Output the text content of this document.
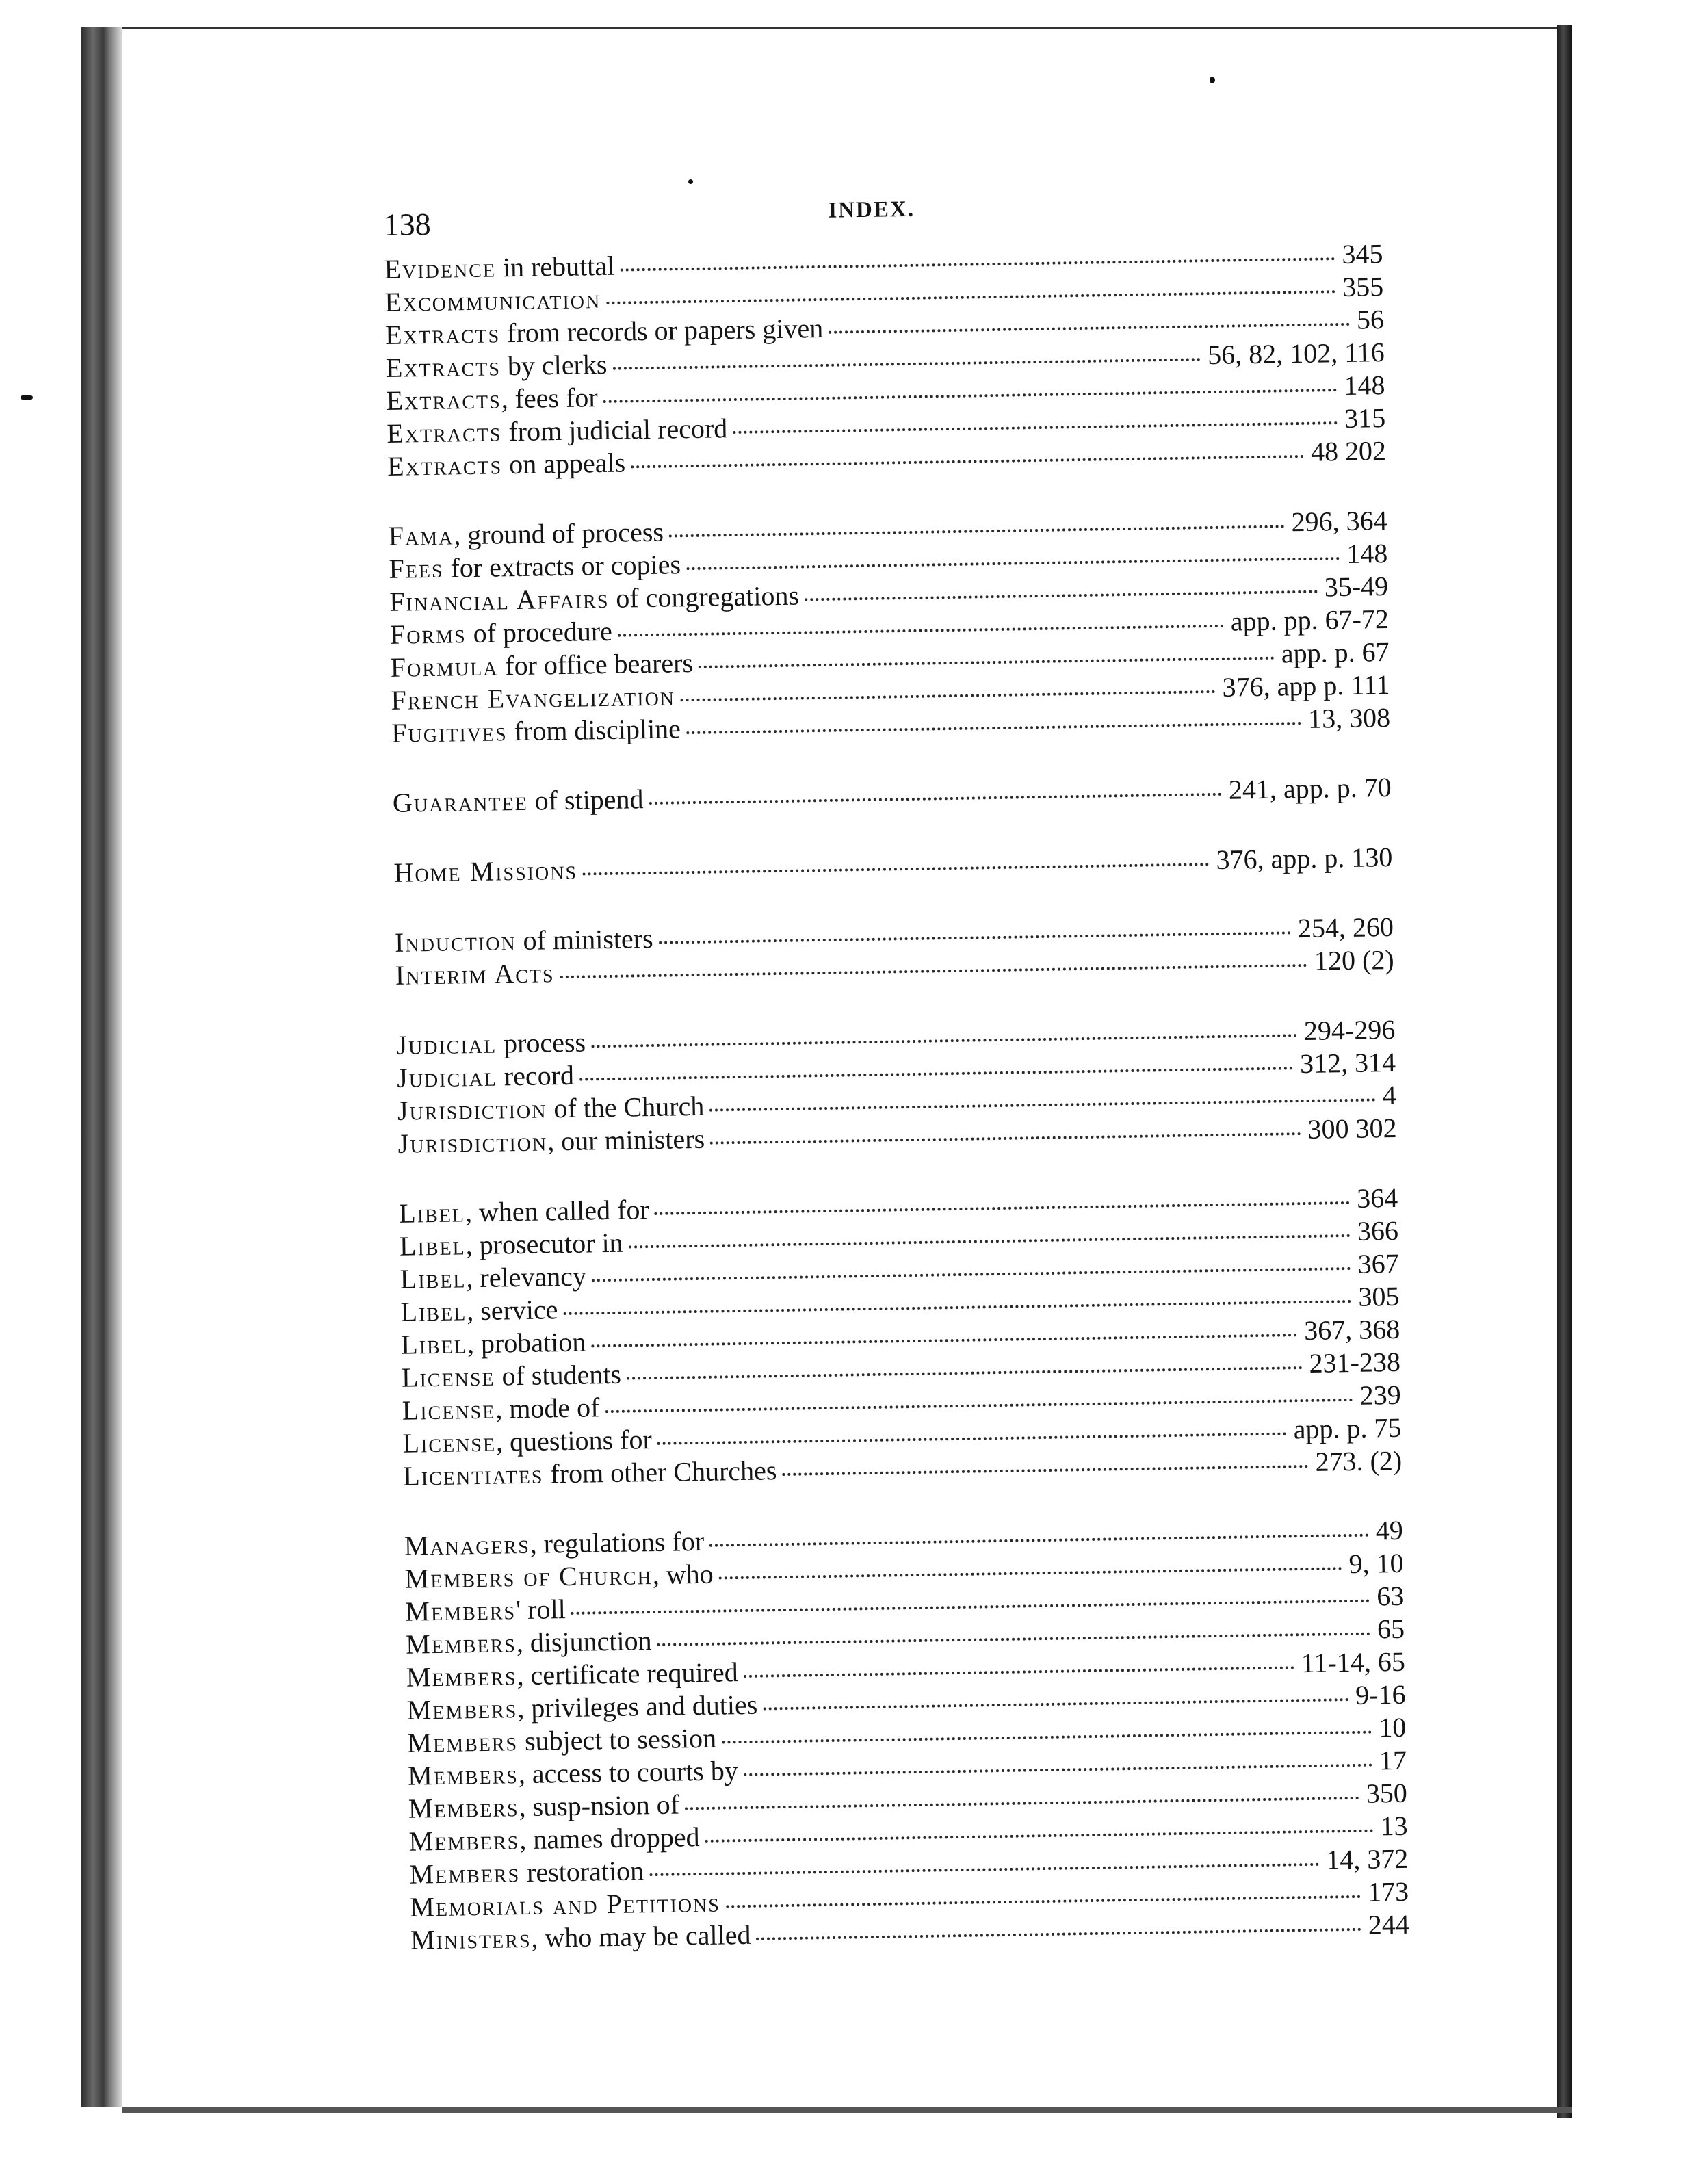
138	INDEX.
Evidence in rebuttal	345
Excommunication	355
Extracts from records or papers given	56
Extracts by clerks	56, 82, 102, 116
Extracts, fees for	148
Extracts from judicial record	315
Extracts on appeals	48 202
Fama, ground of process	296, 364
Fees for extracts or copies	148
Financial Affairs of congregations	35-49
Forms of procedure	app. pp. 67-72
Formula for office bearers	app. p. 67
French Evangelization	376, app p. 111
Fugitives from discipline	13, 308
Guarantee of stipend	241, app. p. 70
Home Missions	376, app. p. 130
Induction of ministers	254, 260
Interim Acts	120 (2)
Judicial process	294-296
Judicial record	312, 314
Jurisdiction of the Church	4
Jurisdiction, our ministers	300 302
Libel, when called for	364
Libel, prosecutor in	366
Libel, relevancy	367
Libel, service	305
Libel, probation	367, 368
License of students	231-238
License, mode of	239
License, questions for	app. p. 75
Licentiates from other Churches	273. (2)
Managers, regulations for	49
Members of Church, who	9, 10
Members' roll	63
Members, disjunction	65
Members, certificate required	11-14, 65
Members, privileges and duties	9-16
Members subject to session	10
Members, access to courts by	17
Members, susp-nsion of	350
Members, names dropped	13
Members restoration	14, 372
Memorials and Petitions	173
Ministers, who may be called	244
